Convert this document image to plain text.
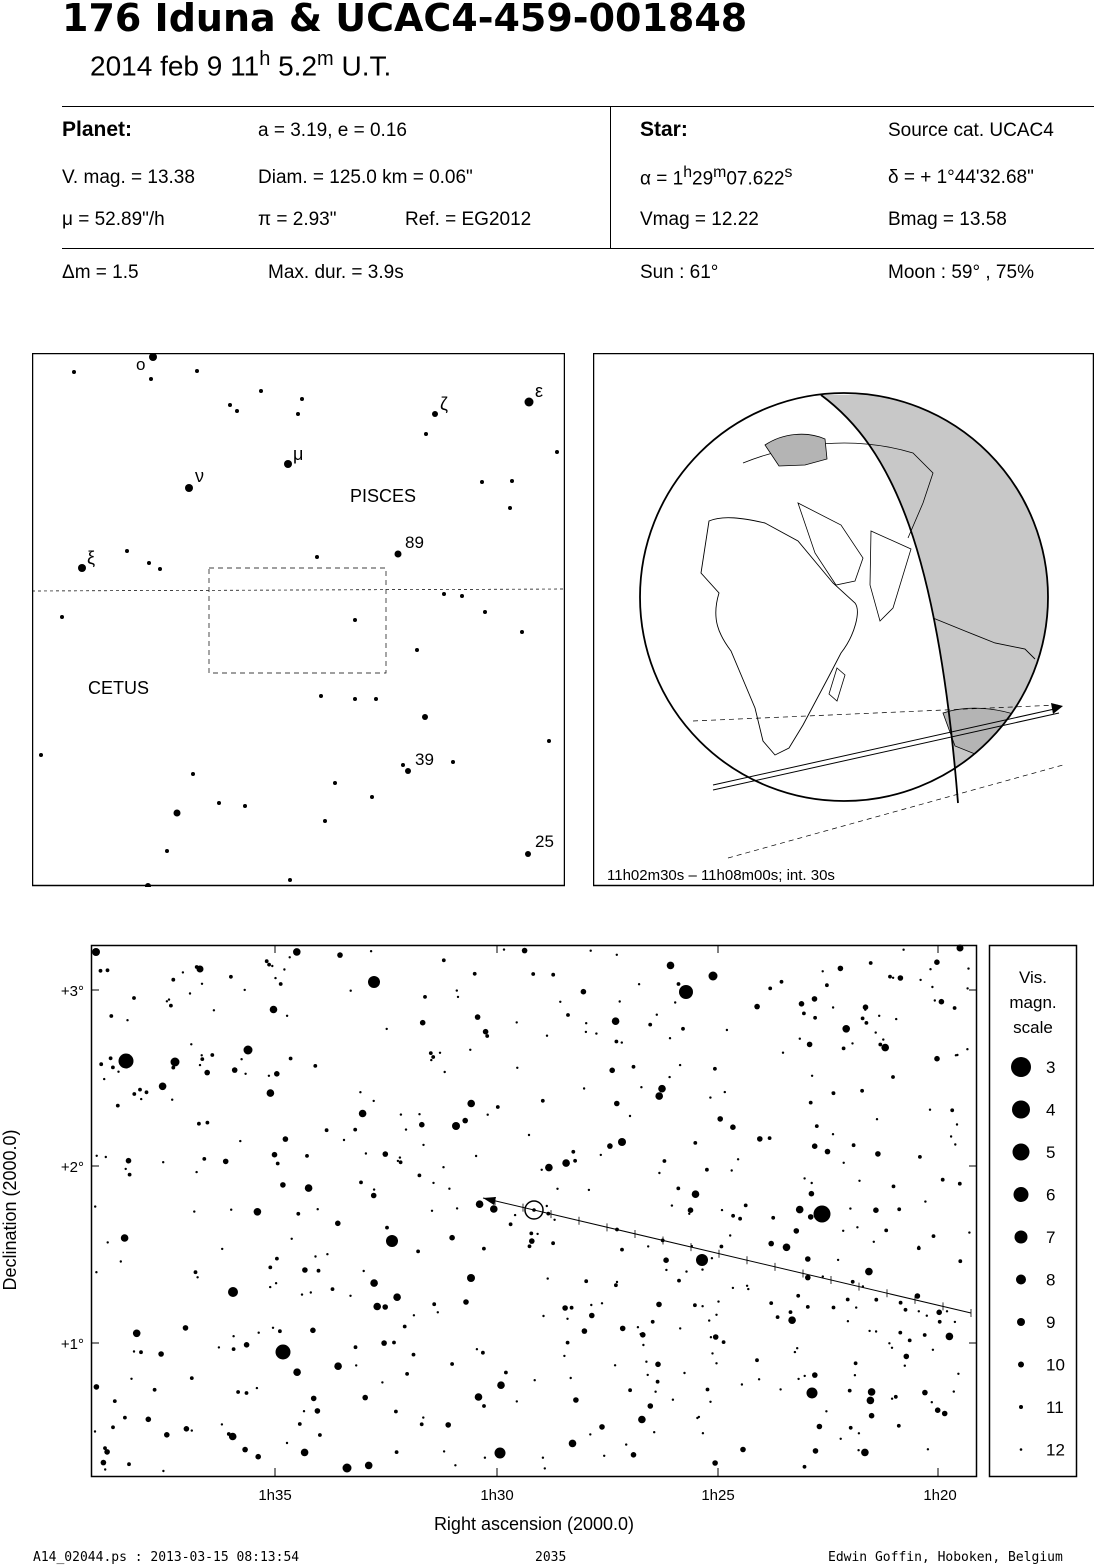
176 Iduna & UCAC4-459-001848
2014 feb 9 11$^h$ 5.2$^m$ U.T.
Planet:	a = 3.19, e = 0.16
V. mag. = 13.38	Diam. = 125.0 km = 0.06"
μ = 52.89"/h	π = 2.93"	Ref. = EG2012
Star:	Source cat. UCAC4
$\alpha = 1^h29^m07.622^s$	δ = + 1°44'32.68"
Vmag = 12.22	Bmag = 13.58
Δm = 1.5	Max. dur. = 3.9s	Sun : 61°	Moon : 59° , 75%
PISCES
CETUS
o
ε
ζ
μ
ν
ξ
89
39
25
11h02m30s – 11h08m00s; int. 30s
1h35	1h30	1h25	1h20
+3°
+2°
+1°
Right ascension (2000.0)
Declination (2000.0)
Vis.
magn.
scale
3
4
5
6
7
8
9
10
11
12
A14_02044.ps : 2013-03-15 08:13:54	2035	Edwin Goffin, Hoboken, Belgium
